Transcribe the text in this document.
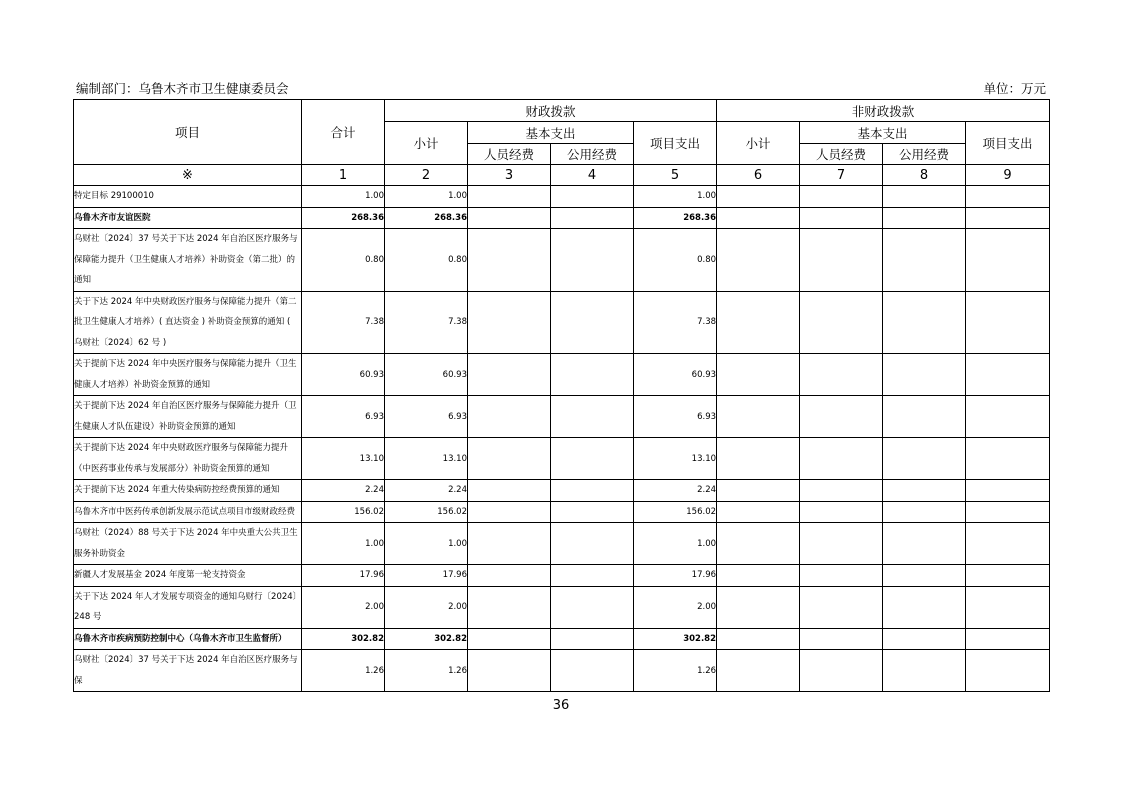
编制部门：乌鲁木齐市卫生健康委员会	单位：万元
项目	合计	财政拨款				非财政拨款			
		小计	基本支出		项目支出	小计	基本支出		项目支出
			人员经费	公用经费			人员经费	公用经费	
※	1	2	3	4	5	6	7	8	9
特定目标 29100010	1.00	1.00			1.00				
乌鲁木齐市友谊医院	268.36	268.36			268.36				
乌财社〔2024〕37 号关于下达 2024 年自治区医疗服务与保障能力提升（卫生健康人才培养）补助资金（第二批）的通知	0.80	0.80			0.80				
关于下达 2024 年中央财政医疗服务与保障能力提升（第二批卫生健康人才培养）( 直达资金 ) 补助资金预算的通知 ( 乌财社〔2024〕62 号 )	7.38	7.38			7.38				
关于提前下达 2024 年中央医疗服务与保障能力提升（卫生健康人才培养）补助资金预算的通知	60.93	60.93			60.93				
关于提前下达 2024 年自治区医疗服务与保障能力提升（卫生健康人才队伍建设）补助资金预算的通知	6.93	6.93			6.93				
关于提前下达 2024 年中央财政医疗服务与保障能力提升（中医药事业传承与发展部分）补助资金预算的通知	13.10	13.10			13.10				
关于提前下达 2024 年重大传染病防控经费预算的通知	2.24	2.24			2.24				
乌鲁木齐市中医药传承创新发展示范试点项目市级财政经费	156.02	156.02			156.02				
乌财社（2024）88 号关于下达 2024 年中央重大公共卫生服务补助资金	1.00	1.00			1.00				
新疆人才发展基金 2024 年度第一轮支持资金	17.96	17.96			17.96				
关于下达 2024 年人才发展专项资金的通知乌财行〔2024〕248 号	2.00	2.00			2.00				
乌鲁木齐市疾病预防控制中心（乌鲁木齐市卫生监督所）	302.82	302.82			302.82				
乌财社〔2024〕37 号关于下达 2024 年自治区医疗服务与保	1.26	1.26			1.26				
36
